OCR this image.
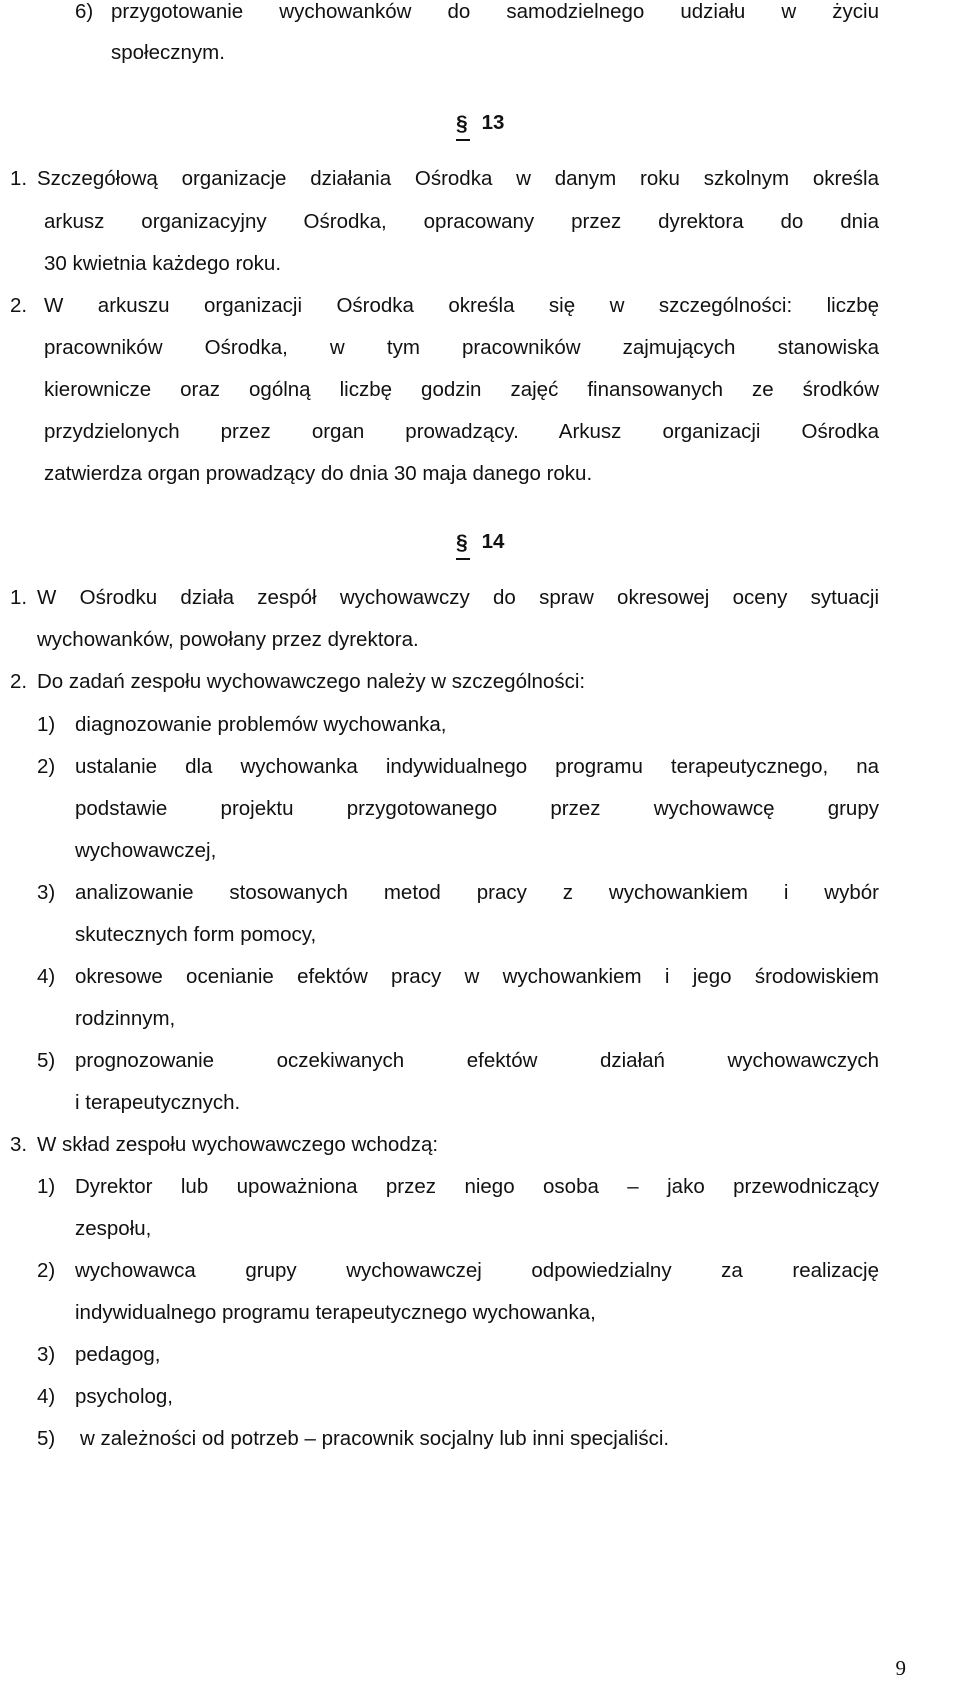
6) przygotowanie wychowanków do samodzielnego udziału w życiu
społecznym.
§ 13
1. Szczegółową organizacje działania Ośrodka w danym roku szkolnym określa
arkusz organizacyjny Ośrodka, opracowany przez dyrektora do dnia
30 kwietnia każdego roku.
2. W arkuszu organizacji Ośrodka określa się w szczególności: liczbę
pracowników Ośrodka, w tym pracowników zajmujących stanowiska
kierownicze oraz ogólną liczbę godzin zajęć finansowanych ze środków
przydzielonych przez organ prowadzący. Arkusz organizacji Ośrodka
zatwierdza organ prowadzący do dnia 30 maja danego roku.
§ 14
1. W Ośrodku działa zespół wychowawczy do spraw okresowej oceny sytuacji
wychowanków, powołany przez dyrektora.
2. Do zadań zespołu wychowawczego należy w szczególności:
1) diagnozowanie problemów wychowanka,
2) ustalanie dla wychowanka indywidualnego programu terapeutycznego, na
podstawie projektu przygotowanego przez wychowawcę grupy
wychowawczej,
3) analizowanie stosowanych metod pracy z wychowankiem i wybór
skutecznych form pomocy,
4) okresowe ocenianie efektów pracy w wychowankiem i jego środowiskiem
rodzinnym,
5) prognozowanie oczekiwanych efektów działań wychowawczych
i terapeutycznych.
3. W skład zespołu wychowawczego wchodzą:
1) Dyrektor lub upoważniona przez niego osoba – jako przewodniczący
zespołu,
2) wychowawca grupy wychowawczej odpowiedzialny za realizację
indywidualnego programu terapeutycznego wychowanka,
3) pedagog,
4) psycholog,
5) w zależności od potrzeb – pracownik socjalny lub inni specjaliści.
9
